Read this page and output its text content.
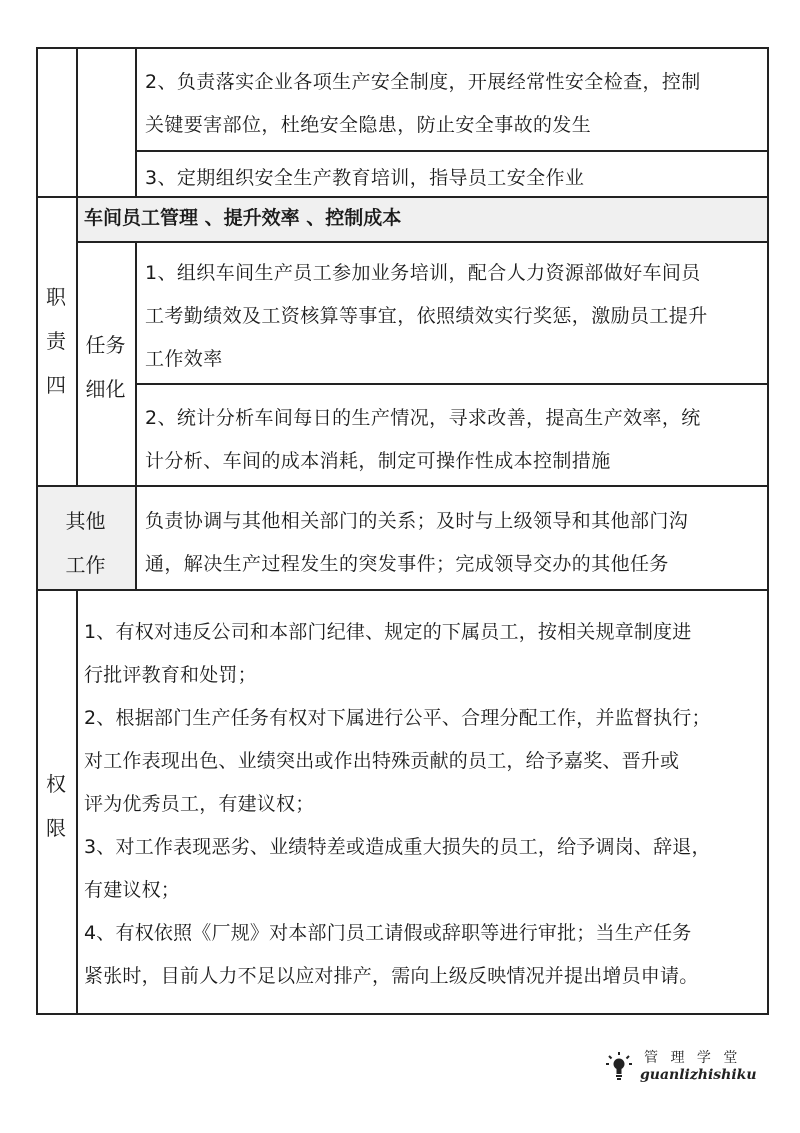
2、负责落实企业各项生产安全制度，开展经常性安全检查，控制
关键要害部位，杜绝安全隐患，防止安全事故的发生
3、定期组织安全生产教育培训，指导员工安全作业
职
责
四
车间员工管理 、提升效率 、控制成本
任务
细化
1、组织车间生产员工参加业务培训，配合人力资源部做好车间员
工考勤绩效及工资核算等事宜，依照绩效实行奖惩，激励员工提升
工作效率
2、统计分析车间每日的生产情况，寻求改善，提高生产效率，统
计分析、车间的成本消耗，制定可操作性成本控制措施
其他
工作
负责协调与其他相关部门的关系；及时与上级领导和其他部门沟
通，解决生产过程发生的突发事件；完成领导交办的其他任务
权
限
1、有权对违反公司和本部门纪律、规定的下属员工，按相关规章制度进
行批评教育和处罚；
2、根据部门生产任务有权对下属进行公平、合理分配工作，并监督执行；
对工作表现出色、业绩突出或作出特殊贡献的员工，给予嘉奖、晋升或
评为优秀员工，有建议权；
3、对工作表现恶劣、业绩特差或造成重大损失的员工，给予调岗、辞退，
有建议权；
4、有权依照《厂规》对本部门员工请假或辞职等进行审批；当生产任务
紧张时，目前人力不足以应对排产，需向上级反映情况并提出增员申请。
管 理 学 堂
guanlizhishiku
